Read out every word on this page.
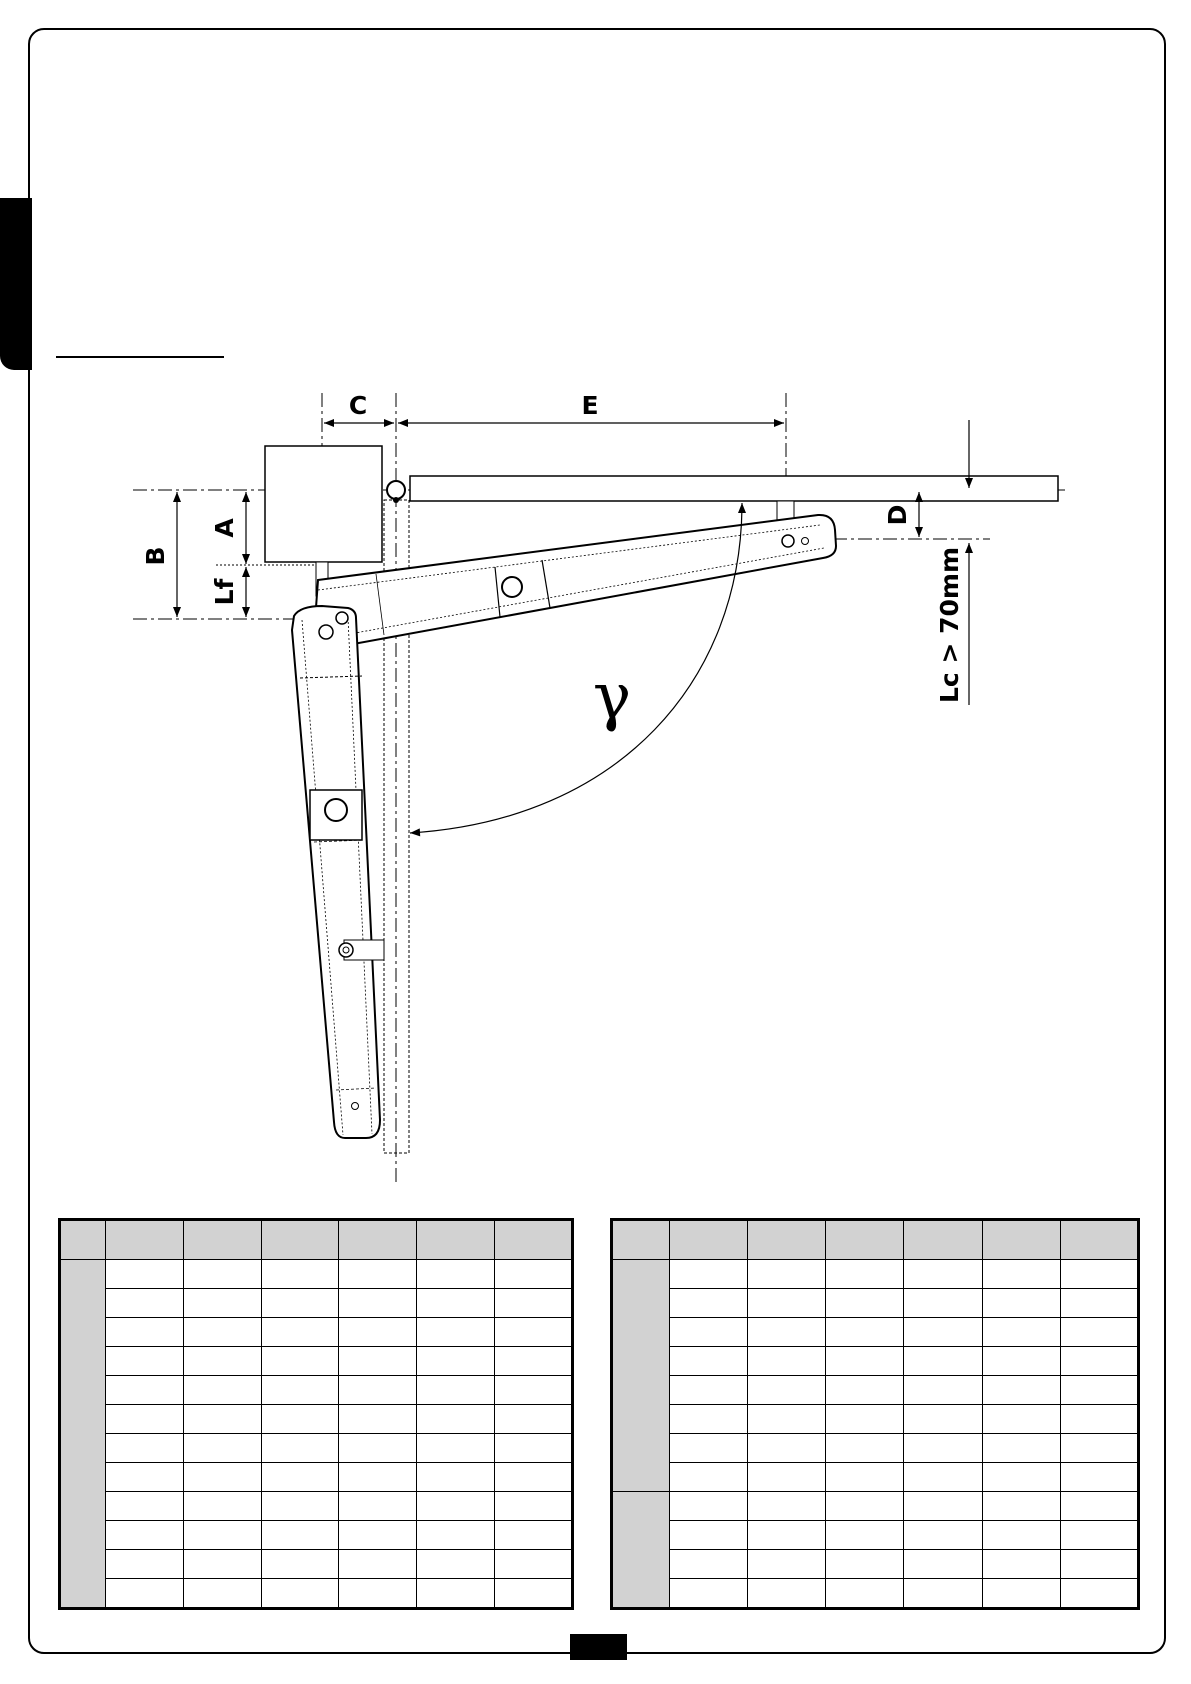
C	E
A
Lf
B
D
Lc > 70mm
γ
